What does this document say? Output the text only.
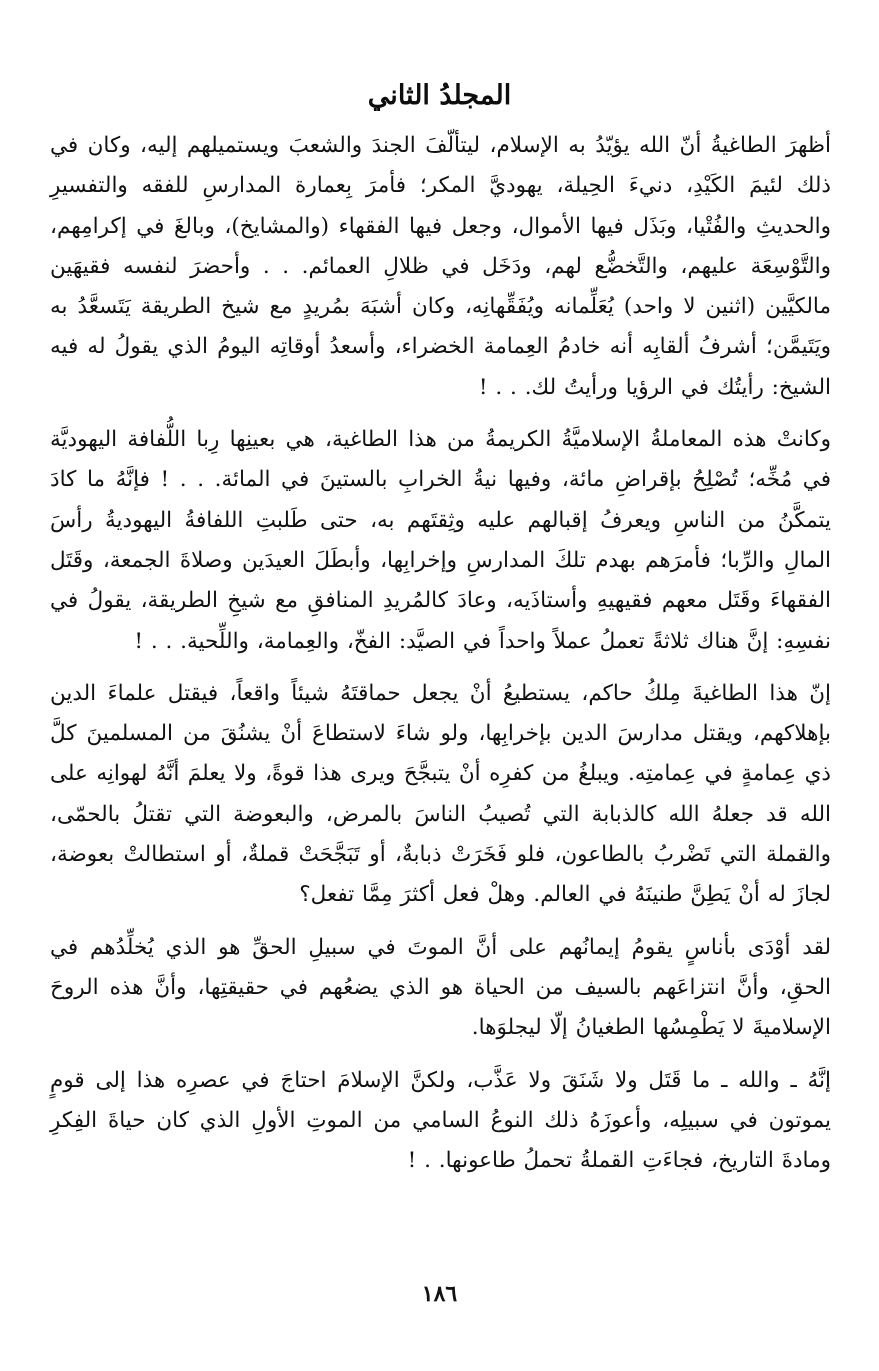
المجلدُ الثاني

أظهرَ الطاغيةُ أنّ الله يؤيّدُ به الإسلام، ليتألّفَ الجندَ والشعبَ ويستميلهم إليه، وكان في ذلك لئيمَ الكَيْدِ، دنيءَ الحِيلة، يهوديَّ المكر؛ فأمرَ بِعمارة المدارسِ للفقه والتفسيرِ والحديثِ والفُتْيا، وبَذَل فيها الأموال، وجعل فيها الفقهاء (والمشايخ)، وبالغَ في إكرامِهم، والتَّوْسِعَة عليهم، والتَّخضُّع لهم، ودَخَل في ظلالِ العمائم. . . وأحضرَ لنفسه فقيهَين مالكيَّين (اثنين لا واحد) يُعَلِّمانه ويُفَقِّهانِه، وكان أشبَهَ بمُريدٍ مع شيخ الطريقة يَتَسعَّدُ به ويَتَيمَّن؛ أشرفُ ألقابِه أنه خادمُ العِمامة الخضراء، وأسعدُ أوقاتِه اليومُ الذي يقولُ له فيه الشيخ: رأيتُك في الرؤيا ورأيتُ لك. . . !

وكانتْ هذه المعاملةُ الإسلاميَّةُ الكريمةُ من هذا الطاغية، هي بعينِها رِبا اللُّفافة اليهوديَّة في مُخِّه؛ تُصْلِحُ بإقراضِ مائة، وفيها نيةُ الخرابِ بالستينَ في المائة. . . ! فإنَّهُ ما كادَ يتمكَّنُ من الناسِ ويعرفُ إقبالهم عليه وثِقتَهم به، حتى طَلبتِ اللفافةُ اليهوديةُ رأسَ المالِ والرِّبا؛ فأمرَهم بهدم تلكَ المدارسِ وإخرابِها، وأبطَلَ العيدَين وصلاةَ الجمعة، وقَتَل الفقهاءَ وقَتَل معهم فقيهيهِ وأستاذَيه، وعادَ كالمُريدِ المنافقِ مع شيخِ الطريقة، يقولُ في نفسِهِ: إنَّ هناك ثلاثةً تعملُ عملاً واحداً في الصيَّد: الفخّ، والعِمامة، واللِّحية. . . !

إنّ هذا الطاغيةَ مِلكُ حاكم، يستطيعُ أنْ يجعل حماقتَهُ شيئاً واقعاً، فيقتل علماءَ الدين بإهلاكهم، ويقتل مدارسَ الدين بإخرابِها، ولو شاءَ لاستطاعَ أنْ يشنُقَ من المسلمينَ كلَّ ذي عِمامةٍ في عِمامتِه. ويبلغُ من كفرِه أنْ يتبجَّحَ ويرى هذا قوةً، ولا يعلمَ أنَّهُ لهوانِه على الله قد جعلهُ الله كالذبابة التي تُصيبُ الناسَ بالمرض، والبعوضة التي تقتلُ بالحمّى، والقملة التي تَضْربُ بالطاعون، فلو فَخَرَتْ ذبابةٌ، أو تَبَجَّحَتْ قملةٌ، أو استطالتْ بعوضة، لجازَ له أنْ يَطِنَّ طنينَهُ في العالم. وهلْ فعل أكثرَ مِمَّا تفعل؟

لقد أوْدَى بأناسٍ يقومُ إيمانُهم على أنَّ الموتَ في سبيلِ الحقِّ هو الذي يُخلِّدُهم في الحقِ، وأنَّ انتزاعَهم بالسيف من الحياة هو الذي يضعُهم في حقيقتِها، وأنَّ هذه الروحَ الإسلاميةَ لا يَطْمِسُها الطغيانُ إلّا ليجلوَها.

إنَّهُ ـ والله ـ ما قَتَل ولا شَنَقَ ولا عَذَّب، ولكنَّ الإسلامَ احتاجَ في عصرِه هذا إلى قومٍ يموتون في سبيلِه، وأعوزَهُ ذلك النوعُ السامي من الموتِ الأولِ الذي كان حياةَ الفِكرِ ومادةَ التاريخ، فجاءَتِ القملةُ تحملُ طاعونها. . !

١٨٦
